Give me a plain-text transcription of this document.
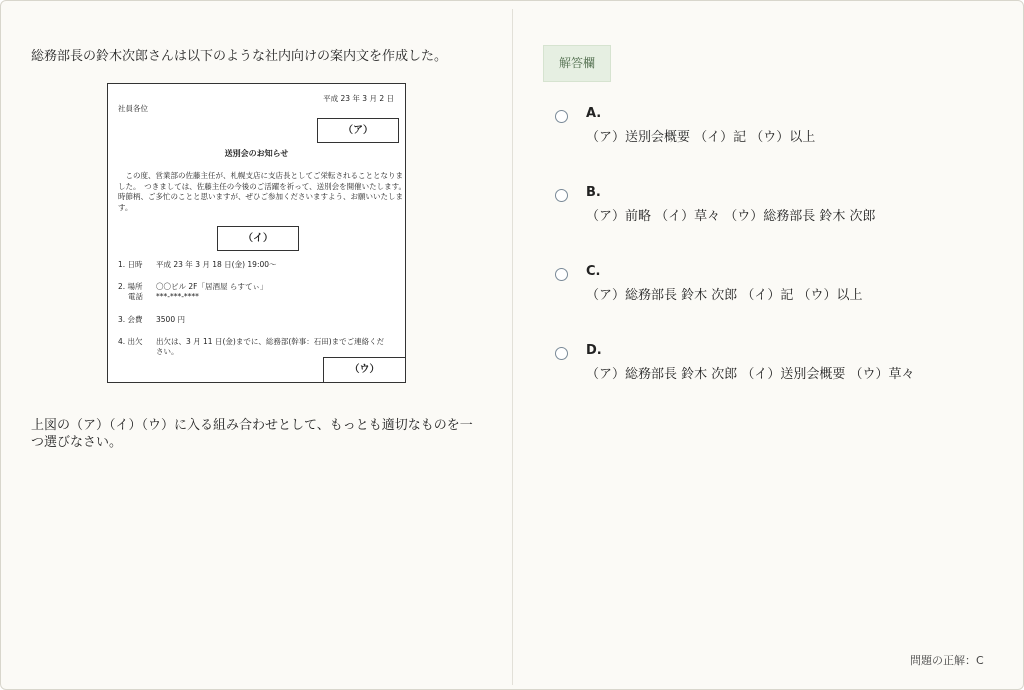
総務部長の鈴木次郎さんは以下のような社内向けの案内文を作成した。
平成 23 年 3 月 2 日
社員各位
（ア）
送別会のお知らせ
　この度、営業部の佐藤主任が、札幌支店に支店長としてご栄転されることとなりました。　つきましては、佐藤主任の今後のご活躍を祈って、送別会を開催いたします。　時節柄、ご多忙のことと思いますが、ぜひご参加くださいますよう、お願いいたします。
（イ）
1. 日時 平成 23 年 3 月 18 日(金) 19:00〜
2. 場所 〇〇ビル 2F「居酒屋 らすてぃ」
電話 ***-***-****
3. 会費 3500 円
4. 出欠 出欠は、3 月 11 日(金)までに、総務部(幹事：石田)までご連絡くだ
さい。
（ウ）
上図の（ア）（イ）（ウ）に入る組み合わせとして、もっとも適切なものを一つ選びなさい。
解答欄
A.
（ア）送別会概要 （イ）記 （ウ）以上
B.
（ア）前略 （イ）草々 （ウ）総務部長 鈴木 次郎
C.
（ア）総務部長 鈴木 次郎 （イ）記 （ウ）以上
D.
（ア）総務部長 鈴木 次郎 （イ）送別会概要 （ウ）草々
問題の正解：C
